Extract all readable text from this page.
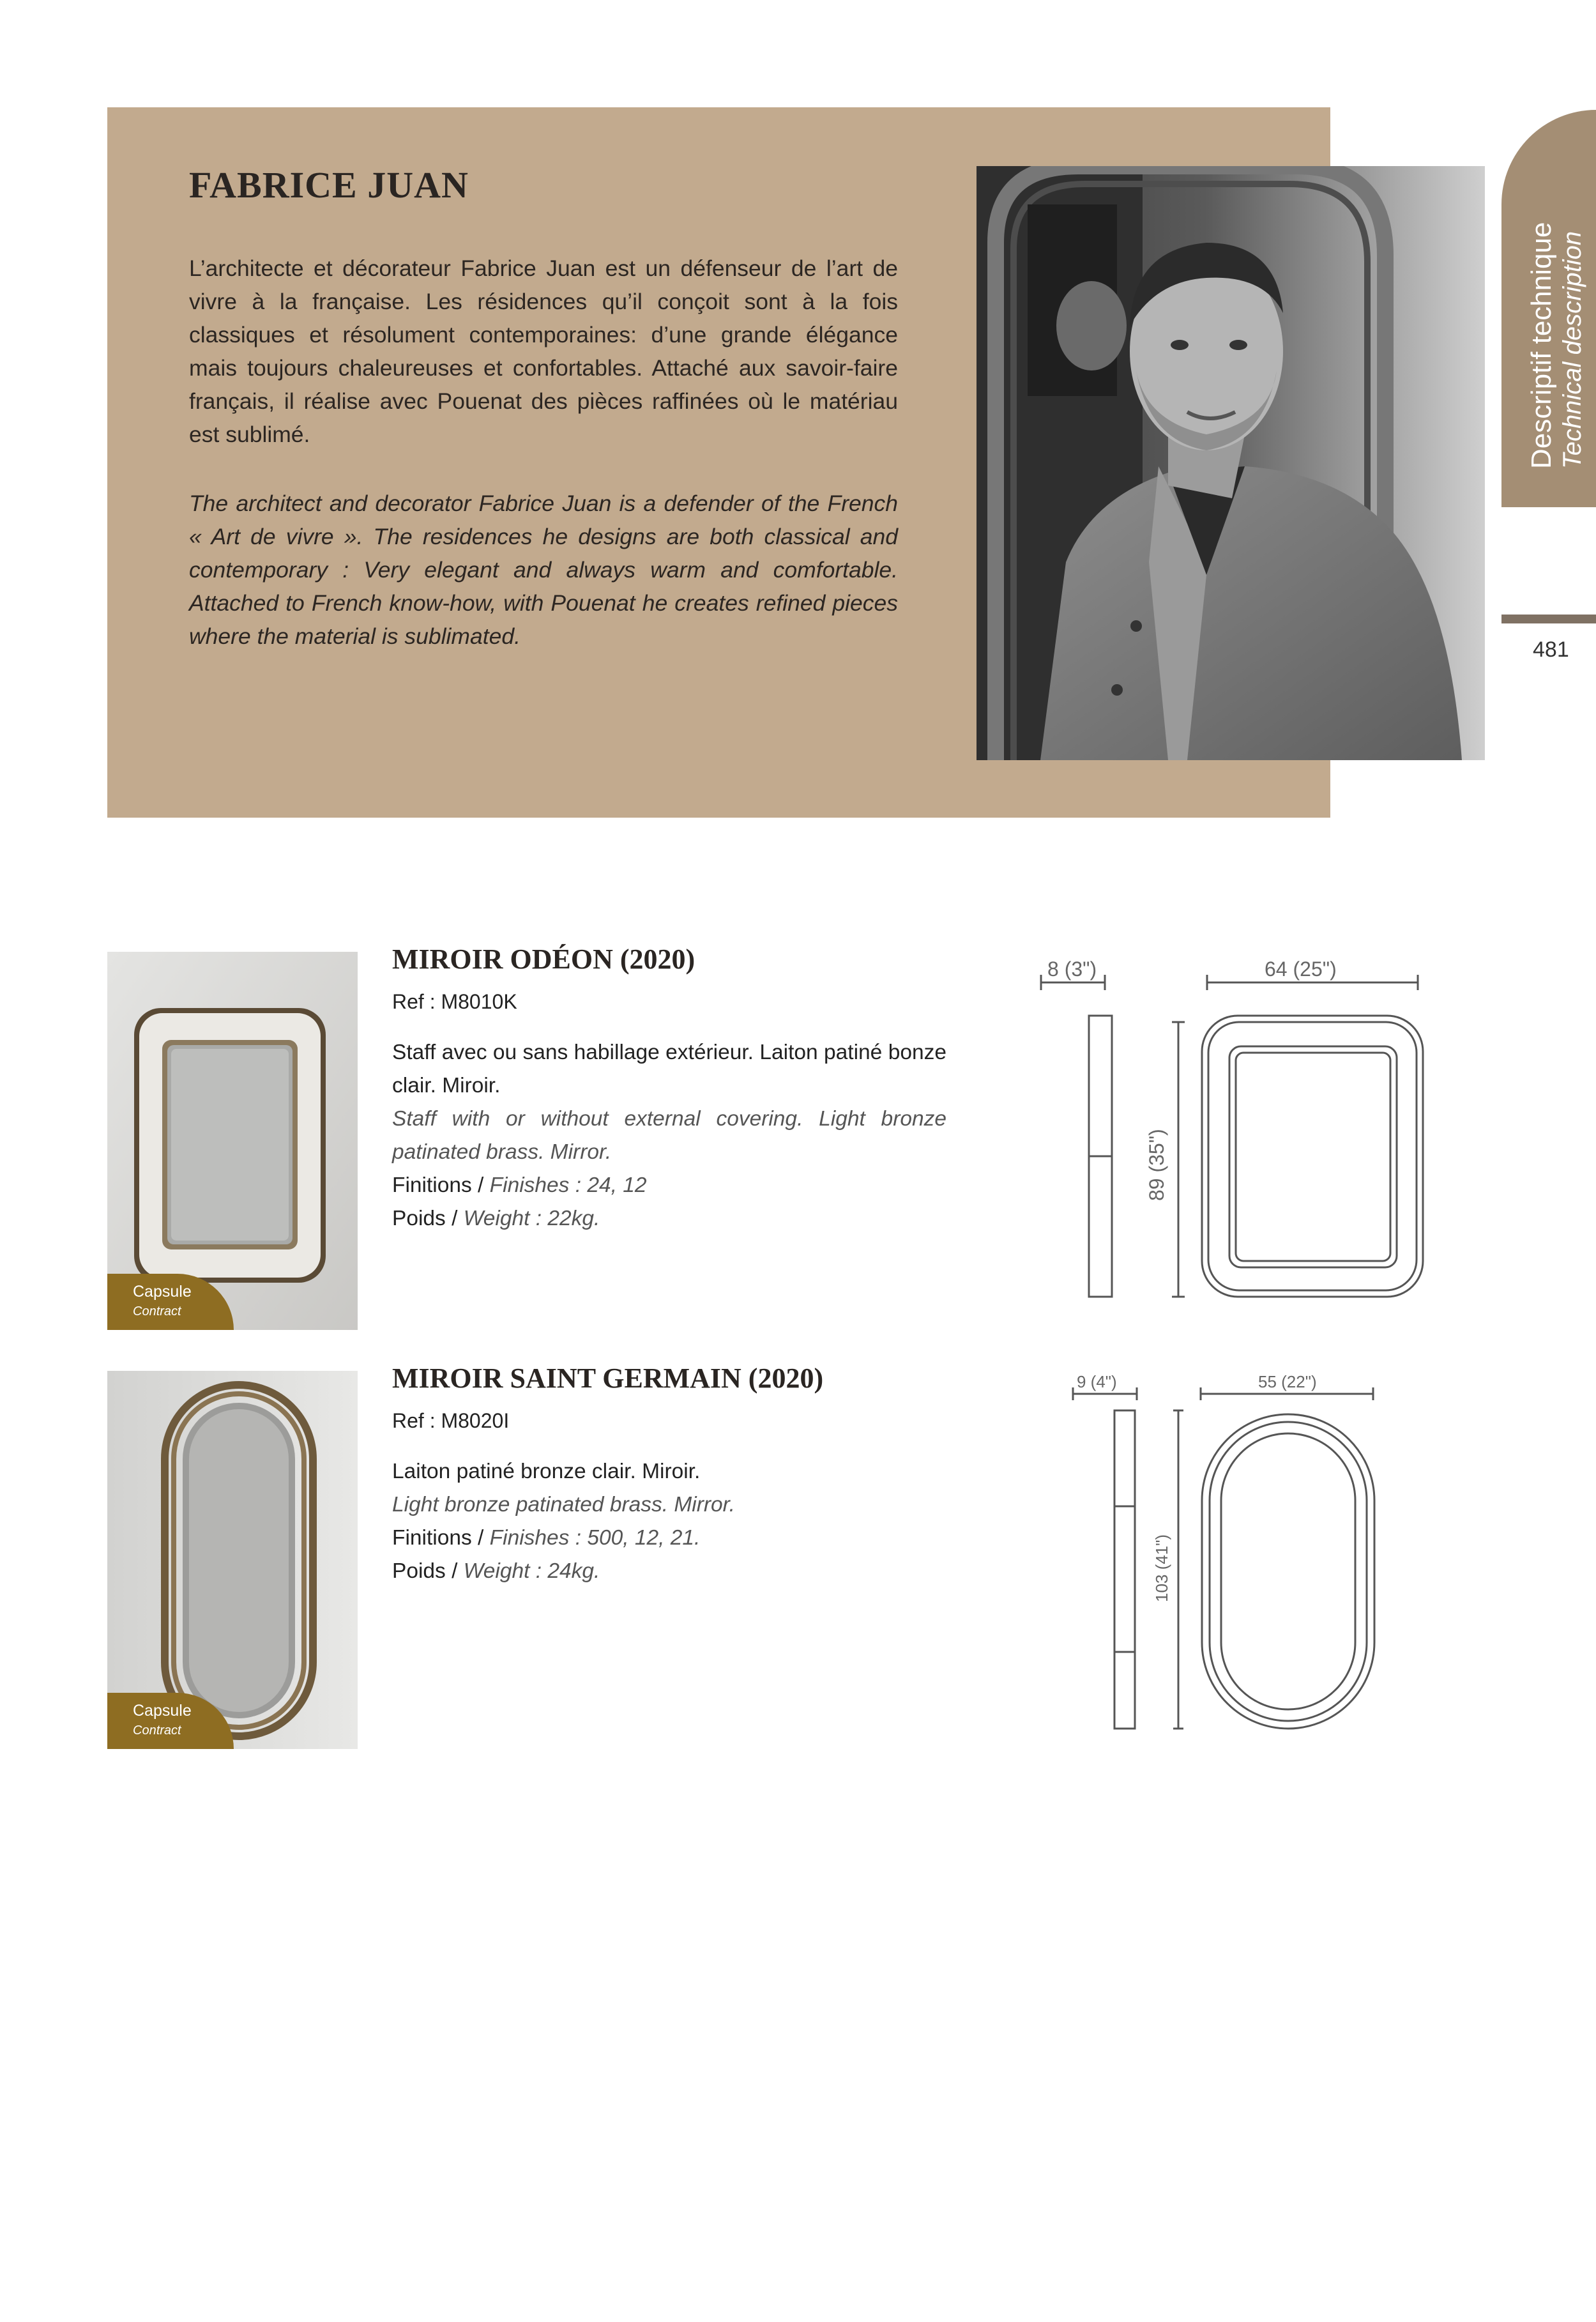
FABRICE JUAN

L’architecte et décorateur Fabrice Juan est un défenseur de l’art de vivre à la française. Les résidences qu’il conçoit sont à la fois classiques et résolument contemporaines: d’une grande élégance mais toujours chaleureuses et confortables. Attaché aux savoir-faire français, il réalise avec Pouenat des pièces raffinées où le matériau est sublimé.

The architect and decorator Fabrice Juan is a defender of the French « Art de vivre ». The residences he designs are both classical and contemporary : Very elegant and always warm and comfortable. Attached to French know-how, with Pouenat he creates refined pieces where the material is sublimated.

Descriptif technique Technical description
481
Capsule
Contract
MIROIR ODÉON (2020)
Ref : M8010K
Staff avec ou sans habillage extérieur. Laiton patiné bonze clair. Miroir.
Staff with or without external covering. Light bronze patinated brass. Mirror.
Finitions / Finishes : 24, 12
Poids / Weight : 22kg.
8 (3")	64 (25")
89 (35")
Capsule
Contract
MIROIR SAINT GERMAIN (2020)
Ref : M8020I
Laiton patiné bronze clair. Miroir.
Light bronze patinated brass. Mirror.
Finitions / Finishes : 500, 12, 21.
Poids / Weight : 24kg.
9 (4")	55 (22")
103 (41")
